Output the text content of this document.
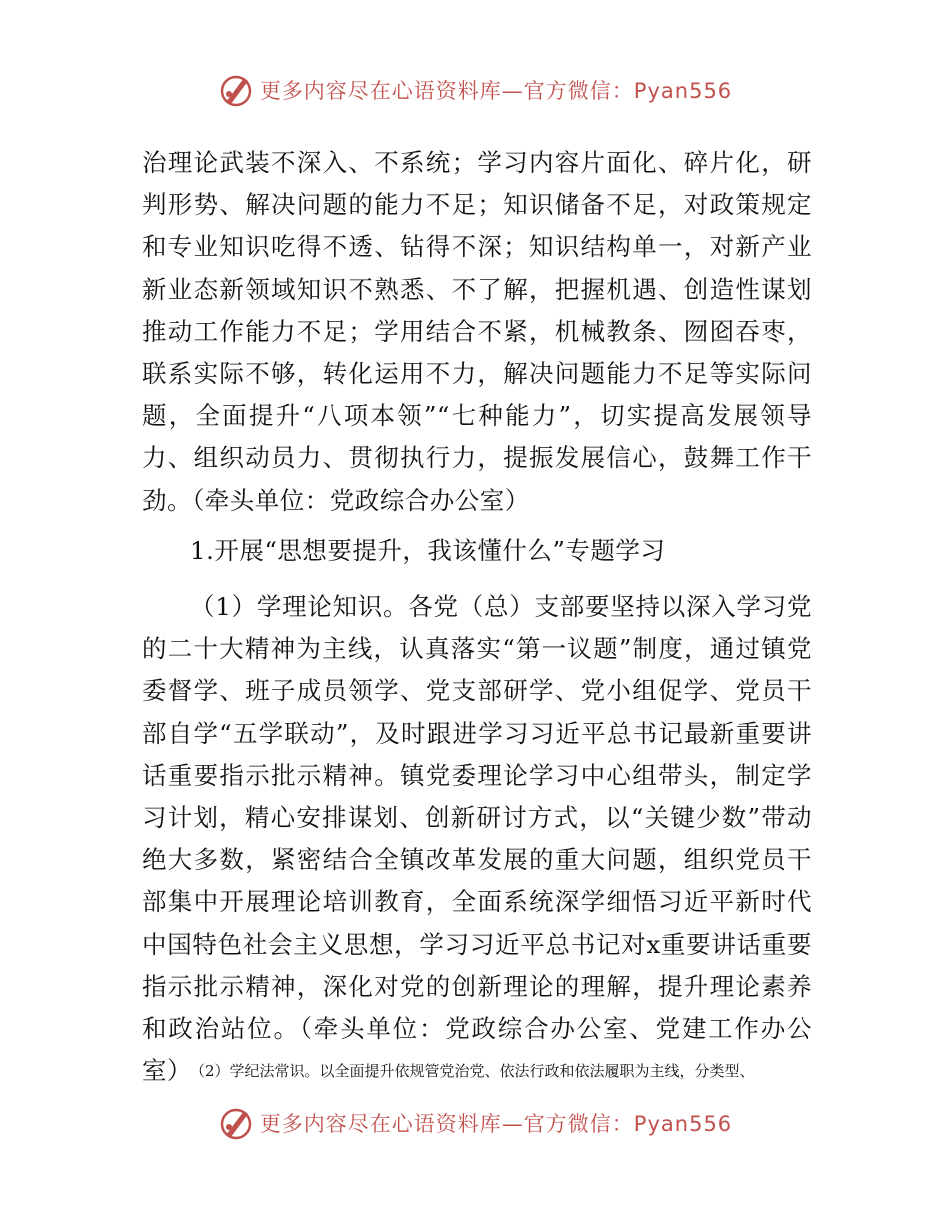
更多内容尽在心语资料库—官方微信：Pyan556
治理论武装不深入、不系统；学习内容片面化、碎片化，研判形势、解决问题的能力不足；知识储备不足，对政策规定和专业知识吃得不透、钻得不深；知识结构单一，对新产业新业态新领域知识不熟悉、不了解，把握机遇、创造性谋划推动工作能力不足；学用结合不紧，机械教条、囫囵吞枣，联系实际不够，转化运用不力，解决问题能力不足等实际问题，全面提升“八项本领”“七种能力”，切实提高发展领导力、组织动员力、贯彻执行力，提振发展信心，鼓舞工作干劲。（牵头单位：党政综合办公室）
1.开展“思想要提升，我该懂什么”专题学习
（1）学理论知识。各党（总）支部要坚持以深入学习党的二十大精神为主线，认真落实“第一议题”制度，通过镇党委督学、班子成员领学、党支部研学、党小组促学、党员干部自学“五学联动”，及时跟进学习习近平总书记最新重要讲话重要指示批示精神。镇党委理论学习中心组带头，制定学习计划，精心安排谋划、创新研讨方式，以“关键少数”带动绝大多数，紧密结合全镇改革发展的重大问题，组织党员干部集中开展理论培训教育，全面系统深学细悟习近平新时代中国特色社会主义思想，学习习近平总书记对x重要讲话重要指示批示精神，深化对党的创新理论的理解，提升理论素养和政治站位。（牵头单位：党政综合办公室、党建工作办公室）
（2）学纪法常识。以全面提升依规管党治党、依法行政和依法履职为主线，分类型、
更多内容尽在心语资料库—官方微信：Pyan556
